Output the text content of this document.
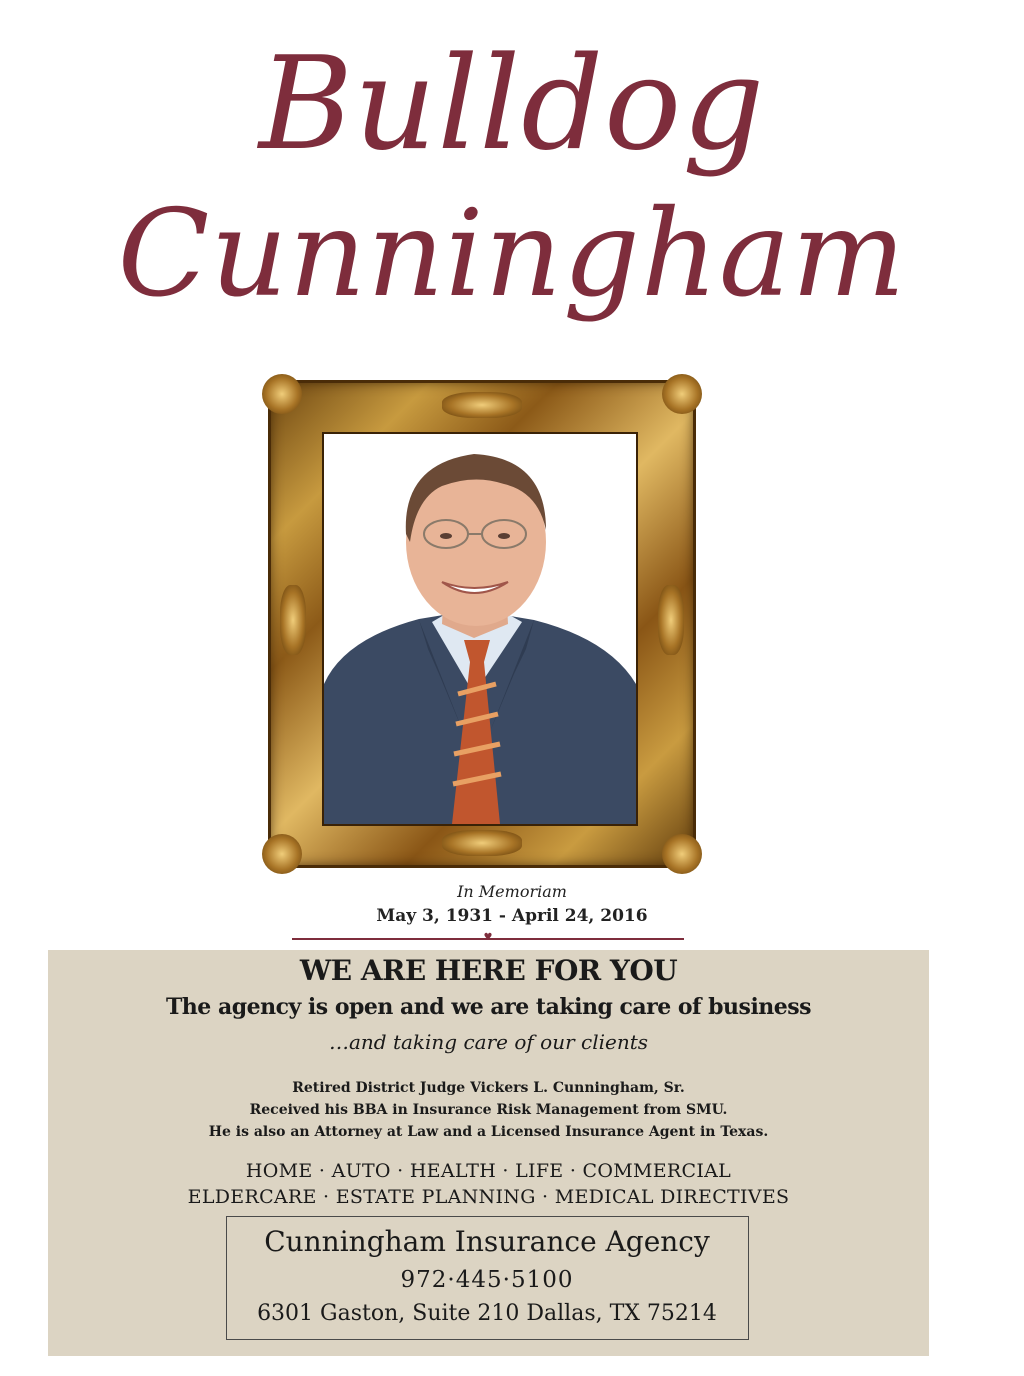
Bulldog
Cunningham
In Memoriam
May 3, 1931 - April 24, 2016
♥
WE ARE HERE FOR YOU
The agency is open and we are taking care of business
…and taking care of our clients
Retired District Judge Vickers L. Cunningham, Sr.
Received his BBA in Insurance Risk Management from SMU.
He is also an Attorney at Law and a Licensed Insurance Agent in Texas.
HOME · AUTO · HEALTH · LIFE · COMMERCIAL
ELDERCARE · ESTATE PLANNING · MEDICAL DIRECTIVES
Cunningham Insurance Agency
972·445·5100
6301 Gaston, Suite 210 Dallas, TX 75214
